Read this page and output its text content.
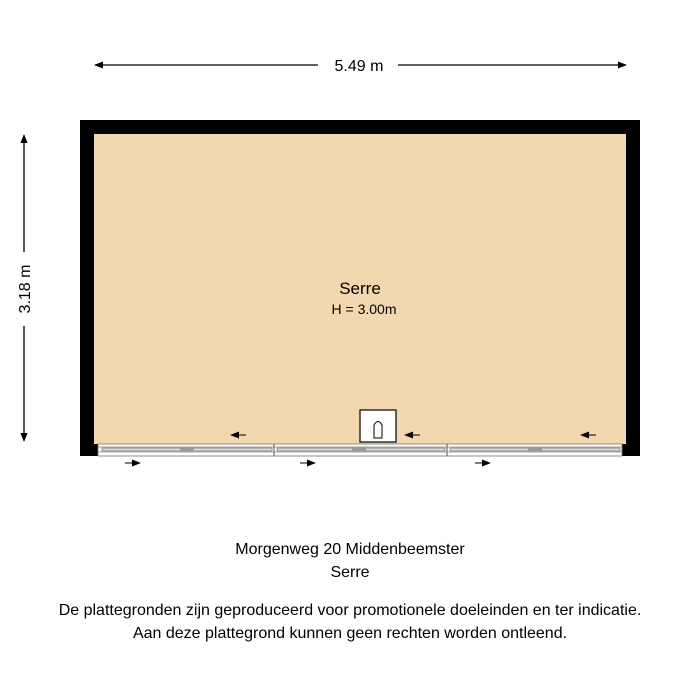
5.49 m
3.18 m	Serre
H = 3.00m
Morgenweg 20 Middenbeemster
Serre
De plattegronden zijn geproduceerd voor promotionele doeleinden en ter indicatie.
Aan deze plattegrond kunnen geen rechten worden ontleend.
